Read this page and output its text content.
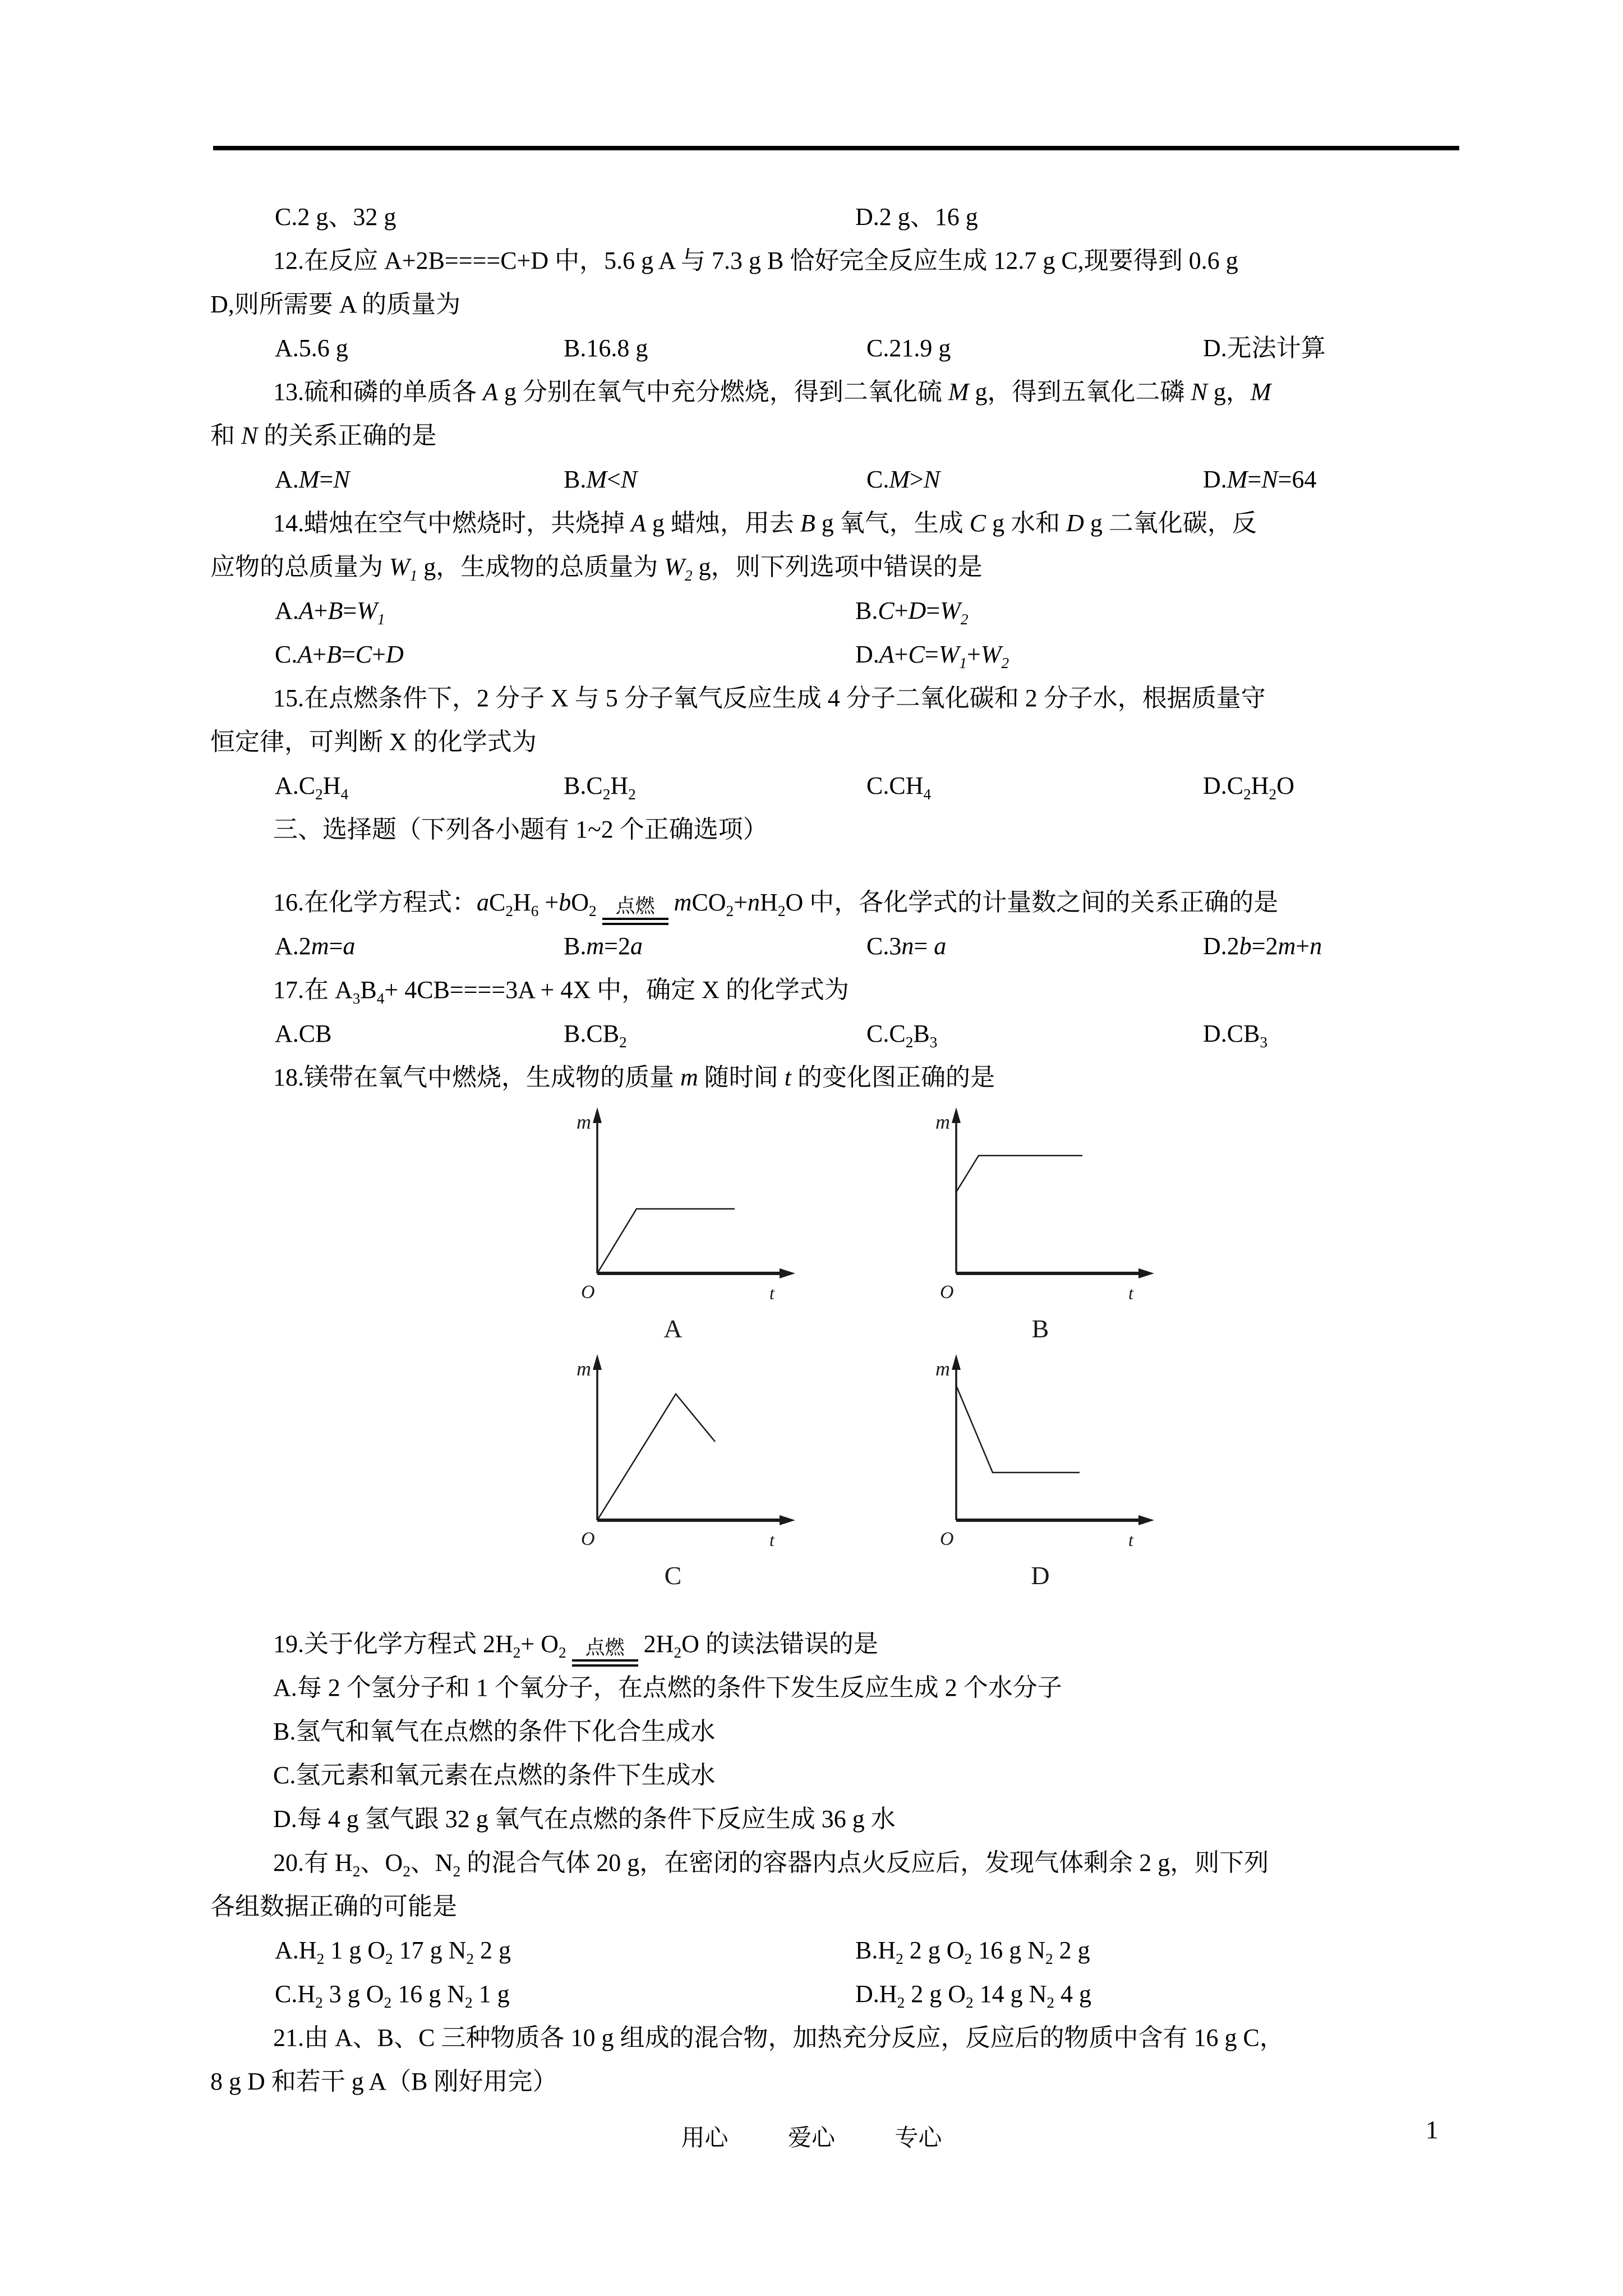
C.2 g、32 g	D.2 g、16 g
12.在反应 A+2B====C+D 中，5.6 g A 与 7.3 g B 恰好完全反应生成 12.7 g C,现要得到 0.6 g
D,则所需要 A 的质量为
A.5.6 g	B.16.8 g	C.21.9 g	D.无法计算
13.硫和磷的单质各 A g 分别在氧气中充分燃烧，得到二氧化硫 M g，得到五氧化二磷 N g，M
和 N 的关系正确的是
A.M=N	B.M<N	C.M>N	D.M=N=64
14.蜡烛在空气中燃烧时，共烧掉 A g 蜡烛，用去 B g 氧气，生成 C g 水和 D g 二氧化碳，反
应物的总质量为 $W_1$ g，生成物的总质量为 $W_2$ g，则下列选项中错误的是
$A.A+B=W_1$	$B.C+D=W_2$
C.A+B=C+D	$D.A+C=W_1+W_2$
15.在点燃条件下，2 分子 X 与 5 分子氧气反应生成 4 分子二氧化碳和 2 分子水，根据质量守
恒定律，可判断 X 的化学式为
$A.C_2H_4$	$B.C_2H_2$	$C.CH_4$	$D.C_2H_2O$
三、选择题（下列各小题有 1~2 个正确选项）
16.在化学方程式：$aC_2H_6 +bO_2$ 点燃 $mCO_2+nH_2O$ 中，各化学式的计量数之间的关系正确的是
A.2m=a	B.m=2a	C.3n= a	D.2b=2m+n
17.在 $A_3B_4+ 4CB====3A + 4X$ 中，确定 X 的化学式为
A.CB	$B.CB_2$	$C.C_2B_3$	$D.CB_3$
18.镁带在氧气中燃烧，生成物的质量 m 随时间 t 的变化图正确的是
m
O	t
A
m
O	t
B
m
O	t
C
m
O	t
D
19.关于化学方程式 $2H_2+ O_2$ 点燃 $2H_2O$ 的读法错误的是
A.每 2 个氢分子和 1 个氧分子，在点燃的条件下发生反应生成 2 个水分子
B.氢气和氧气在点燃的条件下化合生成水
C.氢元素和氧元素在点燃的条件下生成水
D.每 4 g 氢气跟 32 g 氧气在点燃的条件下反应生成 36 g 水
20.有 $H_2$、$O_2$、$N_2$ 的混合气体 20 g，在密闭的容器内点火反应后，发现气体剩余 2 g，则下列
各组数据正确的可能是
$A.H_2$ 1 g $O_2$ 17 g $N_2$ 2 g	$B.H_2$ 2 g $O_2$ 16 g $N_2$ 2 g
$C.H_2$ 3 g $O_2$ 16 g $N_2$ 1 g	$D.H_2$ 2 g $O_2$ 14 g $N_2$ 4 g
21.由 A、B、C 三种物质各 10 g 组成的混合物，加热充分反应，反应后的物质中含有 16 g C，
8 g D 和若干 g A（B 刚好用完）
用心	爱心	专心	1
